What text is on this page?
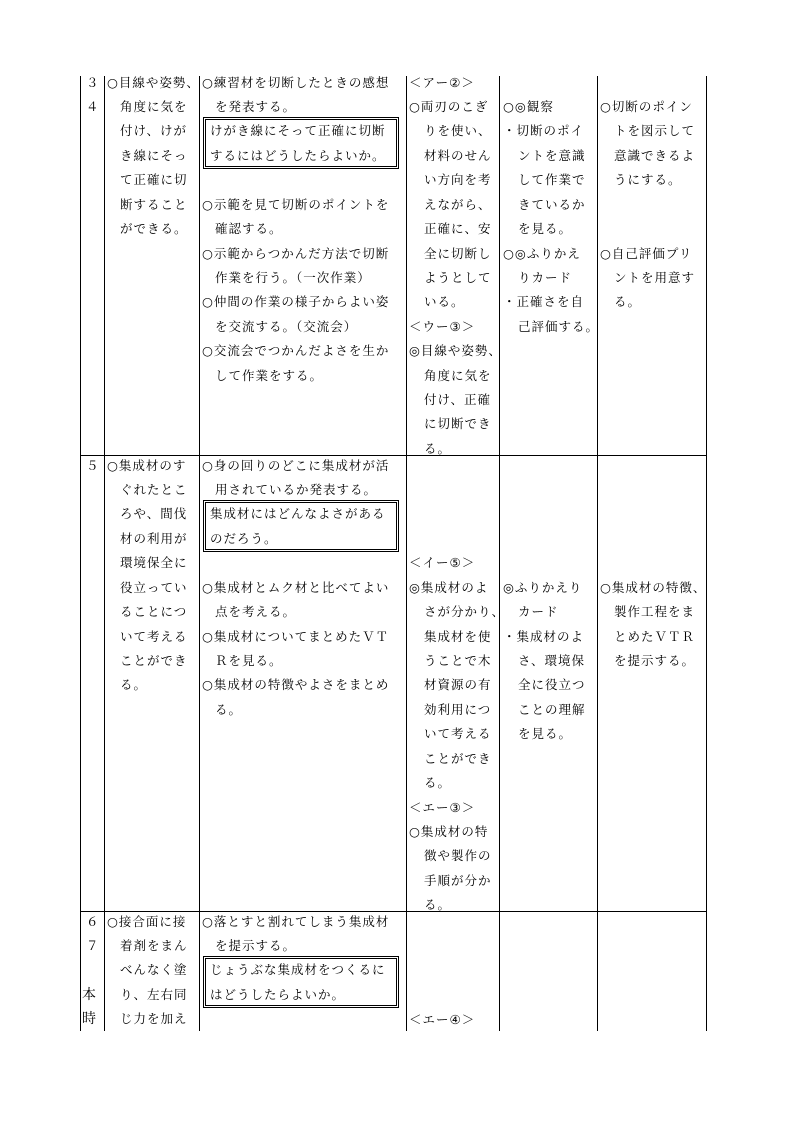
３
４
○目線や姿勢、
角度に気を
付け、けが
き線にそっ
て正確に切
断すること
ができる。
○練習材を切断したときの感想
を発表する。
けがき線にそって正確に切断
するにはどうしたらよいか。
○示範を見て切断のポイントを
確認する。
○示範からつかんだ方法で切断
作業を行う。（一次作業）
○仲間の作業の様子からよい姿
を交流する。（交流会）
○交流会でつかんだよさを生か
して作業をする。
＜アー②＞
○両刃のこぎ
りを使い、
材料のせん
い方向を考
えながら、
正確に、安
全に切断し
ようとして
いる。
＜ウー③＞
◎目線や姿勢、
角度に気を
付け、正確
に切断でき
る。
○◎観察
・切断のポイ
ントを意識
して作業で
きているか
を見る。
○◎ふりかえ
りカード
・正確さを自
己評価する。
○切断のポイン
トを図示して
意識できるよ
うにする。
○自己評価プリ
ントを用意す
る。
５ ○集成材のす
ぐれたとこ
ろや、間伐
材の利用が
環境保全に
役立ってい
ることにつ
いて考える
ことができ
る。
○身の回りのどこに集成材が活
用されているか発表する。
集成材にはどんなよさがある
のだろう。
○集成材とムク材と比べてよい
点を考える。
○集成材についてまとめたＶＴ
Ｒを見る。
○集成材の特徴やよさをまとめ
る。
＜イー⑤＞
◎集成材のよ
さが分かり、
集成材を使
うことで木
材資源の有
効利用につ
いて考える
ことができ
る。
＜エー③＞
○集成材の特
徴や製作の
手順が分か
る。
◎ふりかえり
カード
・集成材のよ
さ、環境保
全に役立つ
ことの理解
を見る。
○集成材の特徴、
製作工程をま
とめたＶＴＲ
を提示する。
６
７
本
時
○接合面に接
着剤をまん
べんなく塗
り、左右同
じ力を加え
○落とすと割れてしまう集成材
を提示する。
じょうぶな集成材をつくるに
はどうしたらよいか。
＜エー④＞
